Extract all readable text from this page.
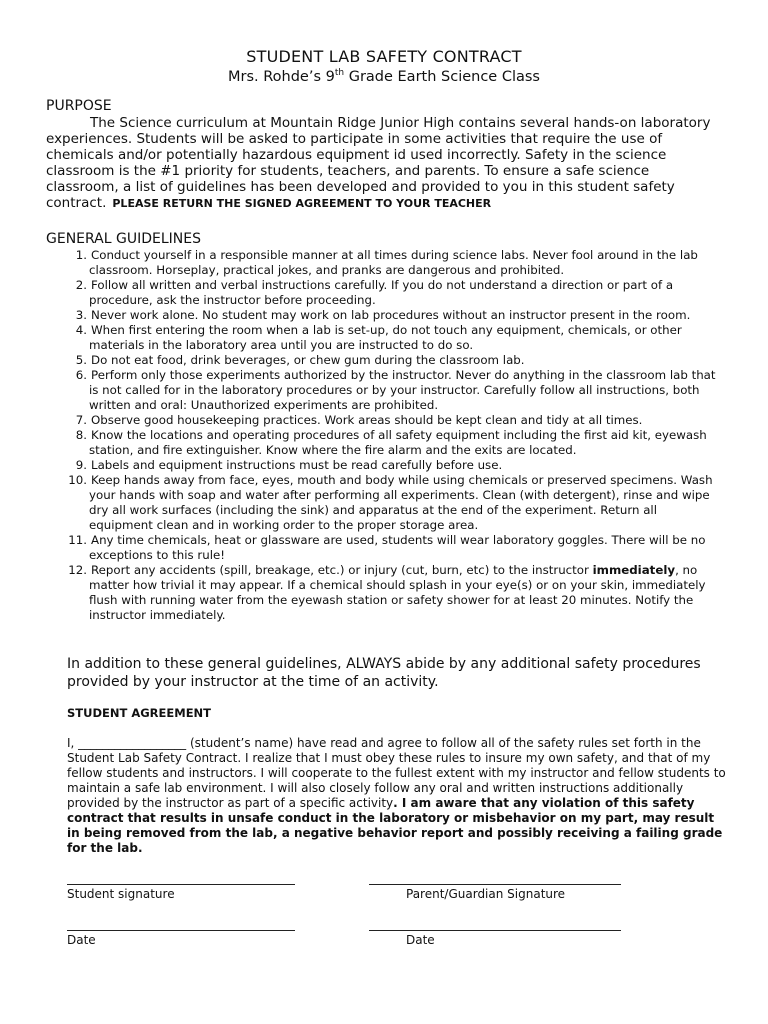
STUDENT LAB SAFETY CONTRACT

Mrs. Rohde’s 9th Grade Earth Science Class

PURPOSE

The Science curriculum at Mountain Ridge Junior High contains several hands-on laboratory experiences. Students will be asked to participate in some activities that require the use of chemicals and/or potentially hazardous equipment id used incorrectly. Safety in the science classroom is the #1 priority for students, teachers, and parents. To ensure a safe science classroom, a list of guidelines has been developed and provided to you in this student safety contract. PLEASE RETURN THE SIGNED AGREEMENT TO YOUR TEACHER

GENERAL GUIDELINES
1 . Conduct yourself in a responsible manner at all times during science labs. Never fool around in the lab classroom. Horseplay, practical jokes, and pranks are dangerous and prohibited.
2 . Follow all written and verbal instructions carefully. If you do not understand a direction or part of a procedure, ask the instructor before proceeding.
3 . Never work alone. No student may work on lab procedures without an instructor present in the room.
4 . When first entering the room when a lab is set-up, do not touch any equipment, chemicals, or other materials in the laboratory area until you are instructed to do so.
5 . Do not eat food, drink beverages, or chew gum during the classroom lab.
6 . Perform only those experiments authorized by the instructor. Never do anything in the classroom lab that is not called for in the laboratory procedures or by your instructor. Carefully follow all instructions, both written and oral: Unauthorized experiments are prohibited.
7 . Observe good housekeeping practices. Work areas should be kept clean and tidy at all times.
8 . Know the locations and operating procedures of all safety equipment including the first aid kit, eyewash station, and fire extinguisher. Know where the fire alarm and the exits are located.
9 . Labels and equipment instructions must be read carefully before use.
10 . Keep hands away from face, eyes, mouth and body while using chemicals or preserved specimens. Wash your hands with soap and water after performing all experiments. Clean (with detergent), rinse and wipe dry all work surfaces (including the sink) and apparatus at the end of the experiment. Return all equipment clean and in working order to the proper storage area.
11 . Any time chemicals, heat or glassware are used, students will wear laboratory goggles. There will be no exceptions to this rule!
12 . Report any accidents (spill, breakage, etc.) or injury (cut, burn, etc) to the instructor immediately, no matter how trivial it may appear. If a chemical should splash in your eye(s) or on your skin, immediately flush with running water from the eyewash station or safety shower for at least 20 minutes. Notify the instructor immediately.

In addition to these general guidelines, ALWAYS abide by any additional safety procedures provided by your instructor at the time of an activity.

STUDENT AGREEMENT

I, __________________ (student’s name) have read and agree to follow all of the safety rules set forth in the Student Lab Safety Contract. I realize that I must obey these rules to insure my own safety, and that of my fellow students and instructors. I will cooperate to the fullest extent with my instructor and fellow students to maintain a safe lab environment. I will also closely follow any oral and written instructions additionally provided by the instructor as part of a specific activity. I am aware that any violation of this safety contract that results in unsafe conduct in the laboratory or misbehavior on my part, may result in being removed from the lab, a negative behavior report and possibly receiving a failing grade for the lab.

Student signature	Parent/Guardian Signature

Date	Date
